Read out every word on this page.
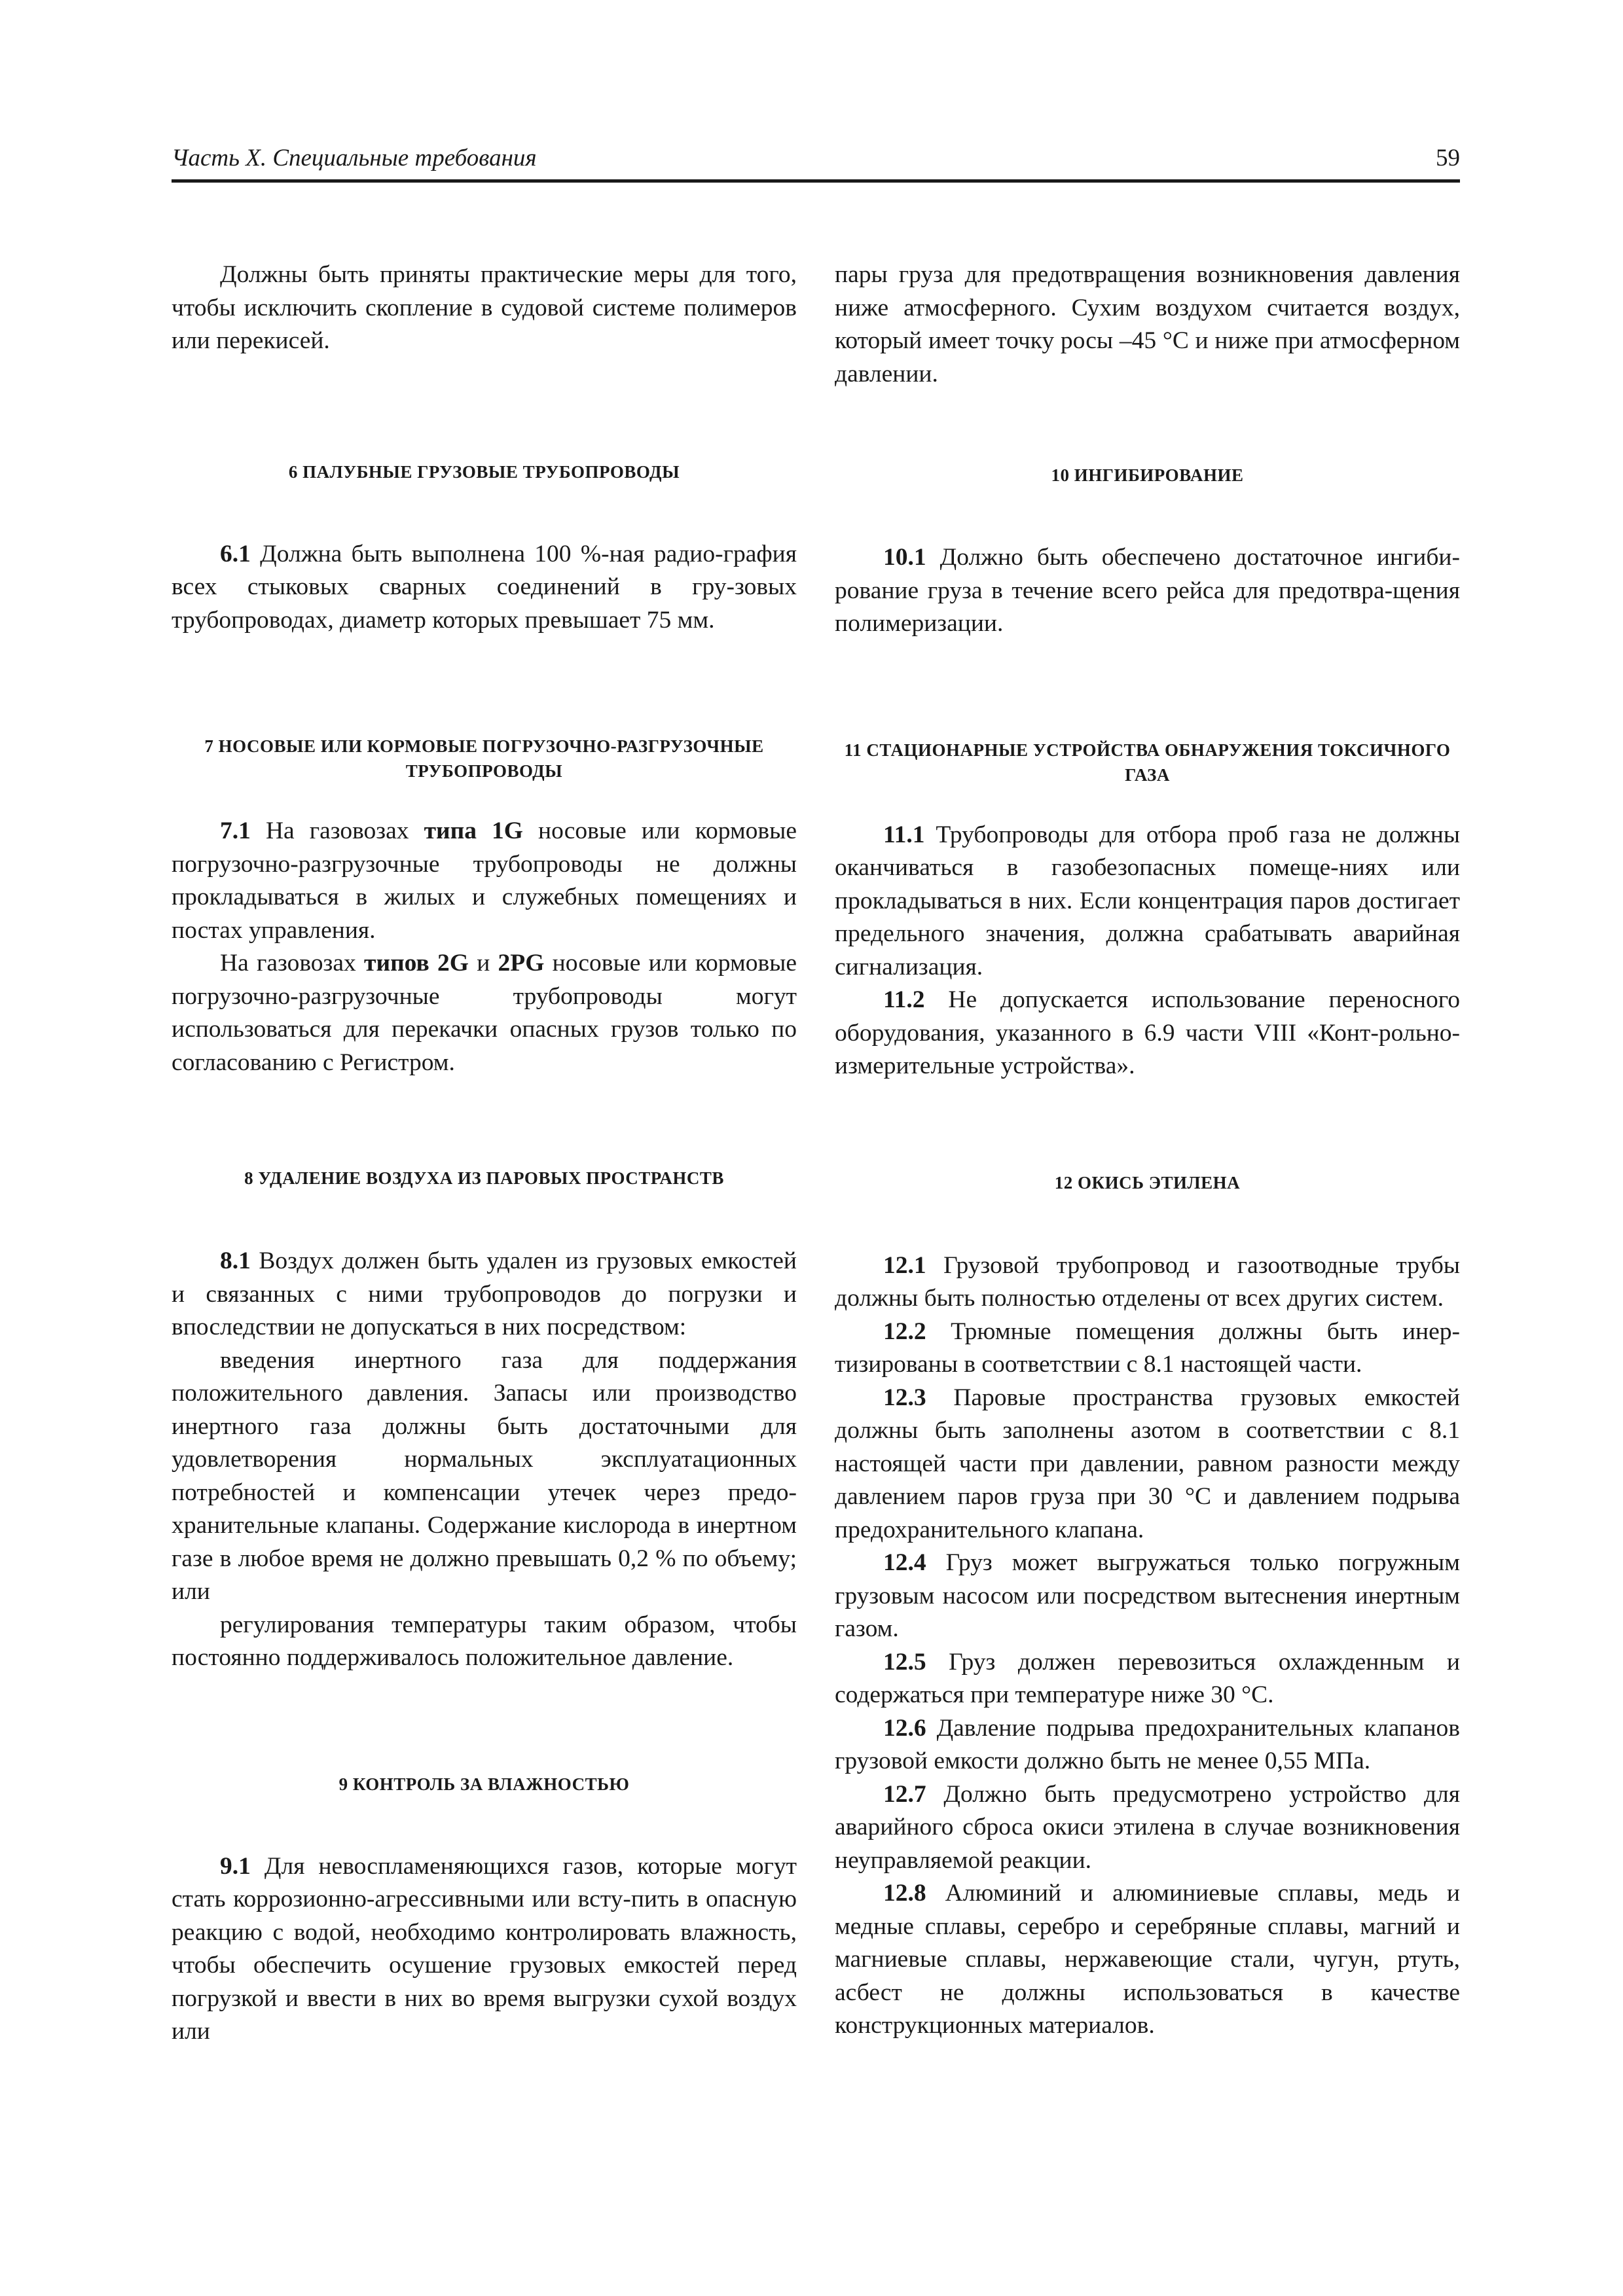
Часть X. Специальные требования	59

Должны быть приняты практические меры для того, чтобы исключить скопление в судовой системе полимеров или перекисей.

6 ПАЛУБНЫЕ ГРУЗОВЫЕ ТРУБОПРОВОДЫ

6.1 Должна быть выполнена 100 %-ная радио-графия всех стыковых сварных соединений в гру-зовых трубопроводах, диаметр которых превышает 75 мм.

7 НОСОВЫЕ ИЛИ КОРМОВЫЕ ПОГРУЗОЧНО-РАЗГРУЗОЧНЫЕ ТРУБОПРОВОДЫ

7.1 На газовозах типа 1G носовые или кормовые погрузочно-разгрузочные трубопроводы не должны прокладываться в жилых и служебных помещениях и постах управления.

На газовозах типов 2G и 2PG носовые или кормовые погрузочно-разгрузочные трубопроводы могут использоваться для перекачки опасных грузов только по согласованию с Регистром.

8 УДАЛЕНИЕ ВОЗДУХА ИЗ ПАРОВЫХ ПРОСТРАНСТВ

8.1 Воздух должен быть удален из грузовых емкостей и связанных с ними трубопроводов до погрузки и впоследствии не допускаться в них посредством:

введения инертного газа для поддержания положительного давления. Запасы или производство инертного газа должны быть достаточными для удовлетворения нормальных эксплуатационных потребностей и компенсации утечек через предо-хранительные клапаны. Содержание кислорода в инертном газе в любое время не должно превышать 0,2 % по объему; или

регулирования температуры таким образом, чтобы постоянно поддерживалось положительное давление.

9 КОНТРОЛЬ ЗА ВЛАЖНОСТЬЮ

9.1 Для невоспламеняющихся газов, которые могут стать коррозионно-агрессивными или всту-пить в опасную реакцию с водой, необходимо контролировать влажность, чтобы обеспечить осушение грузовых емкостей перед погрузкой и ввести в них во время выгрузки сухой воздух или

пары груза для предотвращения возникновения давления ниже атмосферного. Сухим воздухом считается воздух, который имеет точку росы –45 °С и ниже при атмосферном давлении.

10 ИНГИБИРОВАНИЕ

10.1 Должно быть обеспечено достаточное ингиби-рование груза в течение всего рейса для предотвра-щения полимеризации.

11 СТАЦИОНАРНЫЕ УСТРОЙСТВА ОБНАРУЖЕНИЯ ТОКСИЧНОГО ГАЗА

11.1 Трубопроводы для отбора проб газа не должны оканчиваться в газобезопасных помеще-ниях или прокладываться в них. Если концентрация паров достигает предельного значения, должна срабатывать аварийная сигнализация.

11.2 Не допускается использование переносного оборудования, указанного в 6.9 части VIII «Конт-рольно-измерительные устройства».

12 ОКИСЬ ЭТИЛЕНА

12.1 Грузовой трубопровод и газоотводные трубы должны быть полностью отделены от всех других систем.

12.2 Трюмные помещения должны быть инер-тизированы в соответствии с 8.1 настоящей части.

12.3 Паровые пространства грузовых емкостей должны быть заполнены азотом в соответствии с 8.1 настоящей части при давлении, равном разности между давлением паров груза при 30 °С и давлением подрыва предохранительного клапана.

12.4 Груз может выгружаться только погружным грузовым насосом или посредством вытеснения инертным газом.

12.5 Груз должен перевозиться охлажденным и содержаться при температуре ниже 30 °С.

12.6 Давление подрыва предохранительных клапанов грузовой емкости должно быть не менее 0,55 МПа.

12.7 Должно быть предусмотрено устройство для аварийного сброса окиси этилена в случае возникновения неуправляемой реакции.

12.8 Алюминий и алюминиевые сплавы, медь и медные сплавы, серебро и серебряные сплавы, магний и магниевые сплавы, нержавеющие стали, чугун, ртуть, асбест не должны использоваться в качестве конструкционных материалов.
